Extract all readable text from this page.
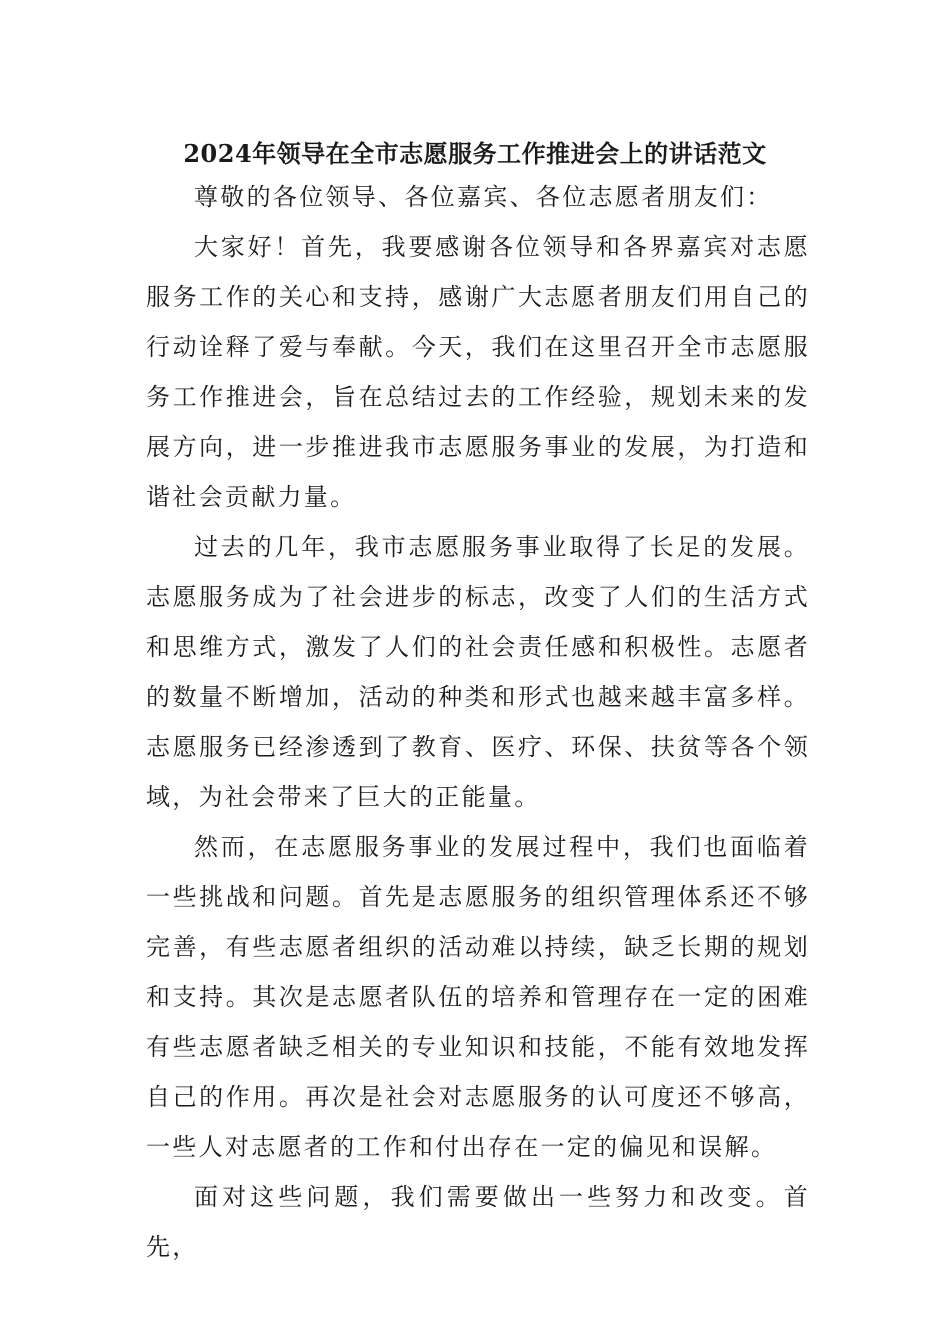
2024年领导在全市志愿服务工作推进会上的讲话范文

尊敬的各位领导、各位嘉宾、各位志愿者朋友们：

大家好！首先，我要感谢各位领导和各界嘉宾对志愿服务工作的关心和支持，感谢广大志愿者朋友们用自己的行动诠释了爱与奉献。今天，我们在这里召开全市志愿服务工作推进会，旨在总结过去的工作经验，规划未来的发展方向，进一步推进我市志愿服务事业的发展，为打造和谐社会贡献力量。

过去的几年，我市志愿服务事业取得了长足的发展。志愿服务成为了社会进步的标志，改变了人们的生活方式和思维方式，激发了人们的社会责任感和积极性。志愿者的数量不断增加，活动的种类和形式也越来越丰富多样。志愿服务已经渗透到了教育、医疗、环保、扶贫等各个领域，为社会带来了巨大的正能量。

然而，在志愿服务事业的发展过程中，我们也面临着一些挑战和问题。首先是志愿服务的组织管理体系还不够完善，有些志愿者组织的活动难以持续，缺乏长期的规划和支持。其次是志愿者队伍的培养和管理存在一定的困难有些志愿者缺乏相关的专业知识和技能，不能有效地发挥自己的作用。再次是社会对志愿服务的认可度还不够高，一些人对志愿者的工作和付出存在一定的偏见和误解。

面对这些问题，我们需要做出一些努力和改变。首先，
